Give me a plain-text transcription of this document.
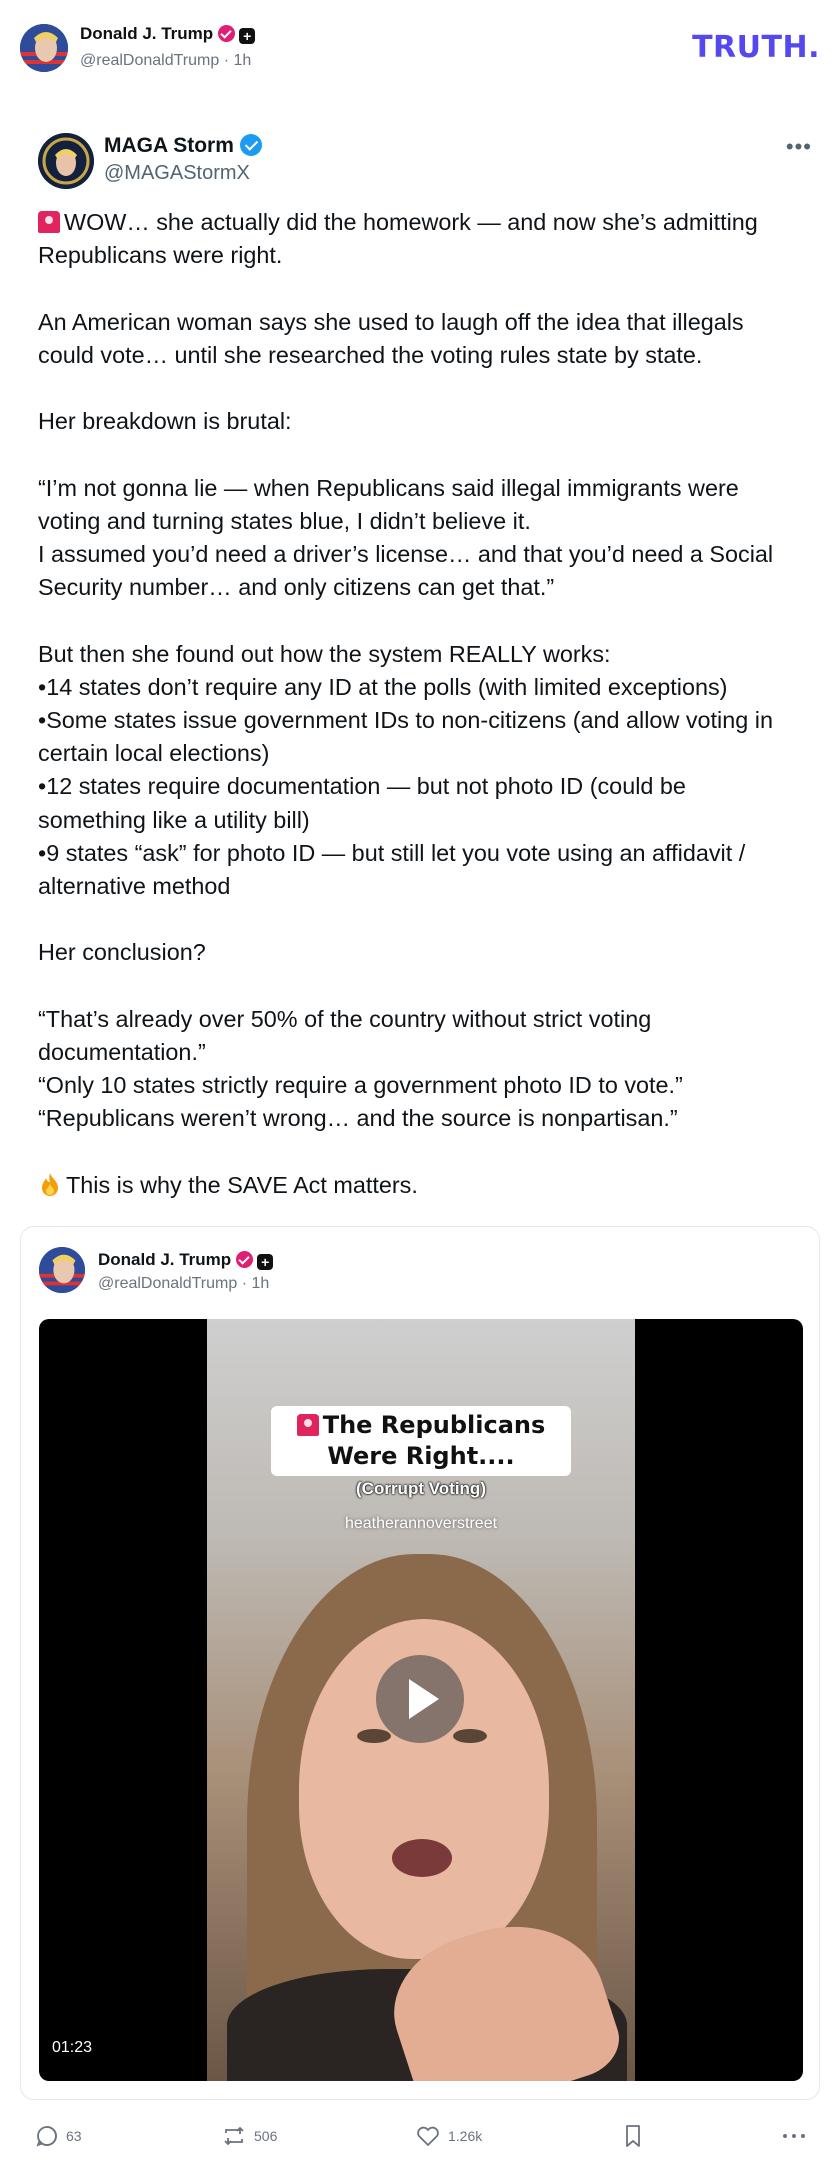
Donald J. Trump +
@realDonaldTrump · 1h	TRUTH.
MAGA Storm
@MAGAStormX
•••

WOW… she actually did the homework — and now she’s admitting
Republicans were right.

An American woman says she used to laugh off the idea that illegals
could vote… until she researched the voting rules state by state.

Her breakdown is brutal:

“I’m not gonna lie — when Republicans said illegal immigrants were
voting and turning states blue, I didn’t believe it.
I assumed you’d need a driver’s license… and that you’d need a Social
Security number… and only citizens can get that.”

But then she found out how the system REALLY works:
•14 states don’t require any ID at the polls (with limited exceptions)
•Some states issue government IDs to non-citizens (and allow voting in
certain local elections)
•12 states require documentation — but not photo ID (could be
something like a utility bill)
•9 states “ask” for photo ID — but still let you vote using an affidavit /
alternative method

Her conclusion?

“That’s already over 50% of the country without strict voting
documentation.”
“Only 10 states strictly require a government photo ID to vote.”
“Republicans weren’t wrong… and the source is nonpartisan.”

This is why the SAVE Act matters.

Donald J. Trump +
@realDonaldTrump · 1h
The Republicans Were Right....
(Corrupt Voting)
heatherannoverstreet
01:23
63	506	1.26k
